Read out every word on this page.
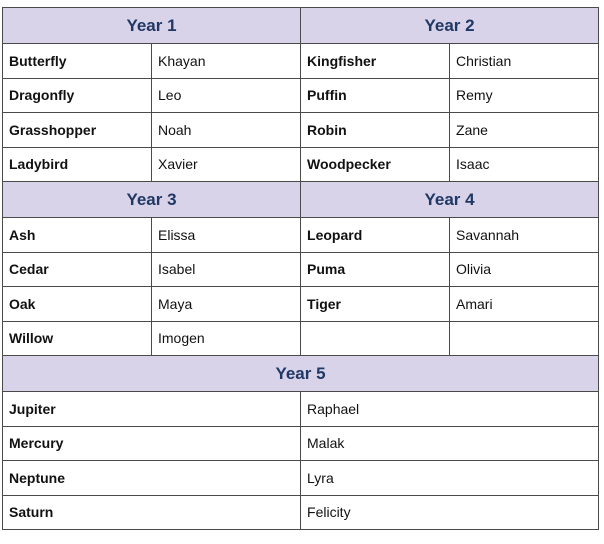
Year 1		Year 2	
Butterfly	Khayan	Kingfisher	Christian
Dragonfly	Leo	Puffin	Remy
Grasshopper	Noah	Robin	Zane
Ladybird	Xavier	Woodpecker	Isaac
Year 3		Year 4	
Ash	Elissa	Leopard	Savannah
Cedar	Isabel	Puma	Olivia
Oak	Maya	Tiger	Amari
Willow	Imogen		
Year 5			
Jupiter		Raphael	
Mercury		Malak	
Neptune		Lyra	
Saturn		Felicity	
